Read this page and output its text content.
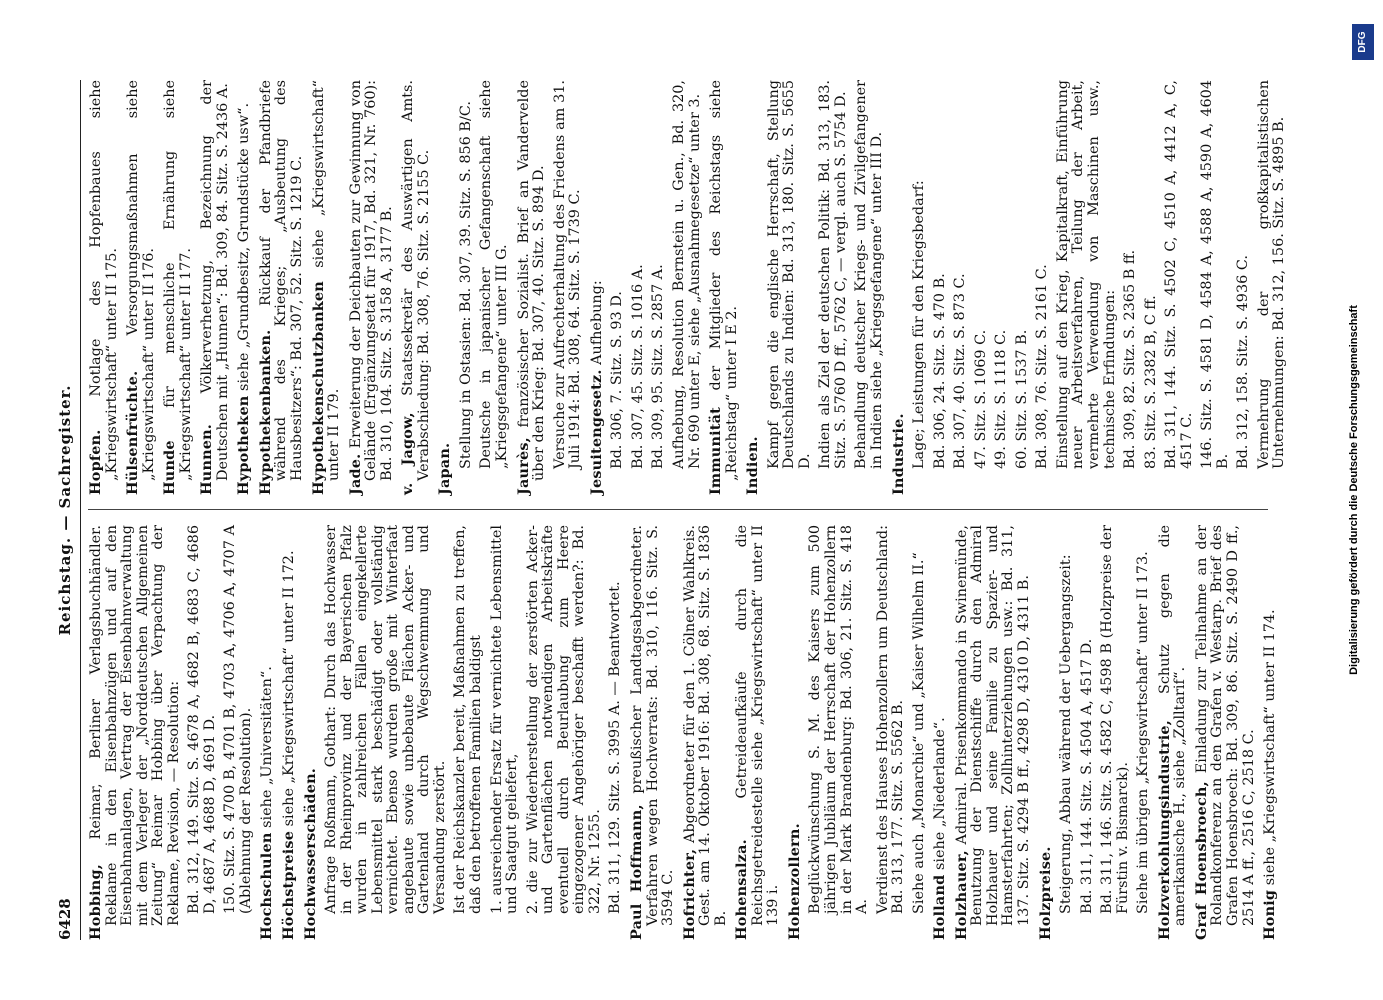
6428
Reichstag. — Sachregister.
Hobbing, Reimar, Berliner Verlagsbuchhändler. Reklame in den Eisenbahnzügen und auf den Eisenbahnanlagen, Vertrag der Eisenbahnverwaltung mit dem Verleger der „Norddeutschen Allgemeinen Zeitung“ Reimar Hobbing über Verpachtung der Reklame, Revision, — Resolution: Bd. 312, 149. Sitz. S. 4678 A, 4682 B, 4683 C, 4686 D, 4687 A, 4688 D, 4691 D. 150. Sitz. S. 4700 B, 4701 B, 4703 A, 4706 A, 4707 A (Ablehnung der Resolution). Hochschulen siehe „Universitäten“.
Höchstpreise siehe „Kriegswirtschaft“ unter II 172.
Hochwasserschäden. Anfrage Roßmann, Gothart: Durch das Hochwasser in der Rheinprovinz und der Bayerischen Pfalz wurden in zahlreichen Fällen eingekellerte Lebensmittel stark beschädigt oder vollständig vernichtet. Ebenso wurden große mit Winterfaat angebaute sowie unbebaute Flächen Acker- und Gartenland durch Wegschwemmung und Versandung zerstört. Ist der Reichskanzler bereit, Maßnahmen zu treffen, daß den betroffenen Familien baldigst 1. ausreichender Ersatz für vernichtete Lebensmittel und Saatgut geliefert, 2. die zur Wiederherstellung der zerstörten Acker- und Gartenflächen notwendigen Arbeitskräfte eventuell durch Beurlaubung zum Heere eingezogener Angehöriger beschafft werden?: Bd. 322, Nr. 1255. Bd. 311, 129. Sitz. S. 3995 A. — Beantwortet. Paul Hoffmann, preußischer Landtagsabgeordneter. Verfahren wegen Hochverrats: Bd. 310, 116. Sitz. S. 3594 C. Hofrichter, Abgeordneter für den 1. Cölner Wahlkreis. Gest. am 14. Oktober 1916: Bd. 308, 68. Sitz. S. 1836 B. Hohensalza. Getreideaufkäufe durch die Reichsgetreidestelle siehe „Kriegswirtschaft“ unter II 139 i. Hohenzollern. Beglückwünschung S. M. des Kaisers zum 500 jährigen Jubiläum der Herrschaft der Hohenzollern in der Mark Brandenburg: Bd. 306, 21. Sitz. S. 418 A. Verdienst des Hauses Hohenzollern um Deutschland: Bd. 313, 177. Sitz. S. 5562 B. Siehe auch „Monarchie“ und „Kaiser Wilhelm II.“ Holland siehe „Niederlande“.
Holzhauer, Admiral. Prisenkommando in Swinemünde, Benutzung der Dienstschiffe durch den Admiral Holzhauer und seine Familie zu Spazier- und Hamsterfahrten; Zollhinterziehungen usw.: Bd. 311, 137. Sitz. S. 4294 B ff., 4298 D, 4310 D, 4311 B. Holzpreise. Steigerung, Abbau während der Uebergangszeit: Bd. 311, 144. Sitz. S. 4504 A, 4517 D. Bd. 311, 146. Sitz. S. 4582 C, 4598 B (Holzpreise der Fürstin v. Bismarck). Siehe im übrigen „Kriegswirtschaft“ unter II 173. Holzverkohlungsindustrie, Schutz gegen die amerikanische H., siehe „Zolltarif“. Graf Hoensbroech, Einladung zur Teilnahme an der Rolandkonferenz an den Grafen v. Westarp. Brief des Grafen Hoensbroech: Bd. 309, 86. Sitz. S. 2490 D ff., 2514 A ff., 2516 C, 2518 C. Honig siehe „Kriegswirtschaft“ unter II 174.
Hopfen. Notlage des Hopfenbaues siehe „Kriegswirtschaft“ unter II 175. Hülsenfrüchte. Versorgungsmaßnahmen siehe „Kriegswirtschaft“ unter II 176. Hunde für menschliche Ernährung siehe „Kriegswirtschaft“ unter II 177. Hunnen. Völkerverhetzung, Bezeichnung der Deutschen mit „Hunnen“: Bd. 309, 84. Sitz. S. 2436 A. Hypotheken siehe „Grundbesitz, Grundstücke usw“.
Hypothekenbanken. Rückkauf der Pfandbriefe während des Krieges; „Ausbeutung des Hausbesitzers“: Bd. 307, 52. Sitz. S. 1219 C. Hypothekenschutzbanken siehe „Kriegswirtschaft“ unter II 179. Jade. Erweiterung der Deichbauten zur Gewinnung von Gelände (Ergänzungsetat für 1917, Bd. 321, Nr. 760): Bd. 310, 104. Sitz. S. 3158 A, 3177 B. v. Jagow, Staatssekretär des Auswärtigen Amts. Verabschiedung: Bd. 308, 76. Sitz. S. 2155 C. Japan. Stellung in Ostasien: Bd. 307, 39. Sitz. S. 856 B/C. Deutsche in japanischer Gefangenschaft siehe „Kriegsgefangene“ unter III G. Jaurès, französischer Sozialist. Brief an Vandervelde über den Krieg: Bd. 307, 40. Sitz. S. 894 D. Versuche zur Aufrechterhaltung des Friedens am 31. Juli 1914: Bd. 308, 64. Sitz. S. 1739 C. Jesuitengesetz. Aufhebung: Bd. 306, 7. Sitz. S. 93 D. Bd. 307, 45. Sitz. S. 1016 A. Bd. 309, 95. Sitz. S. 2857 A. Aufhebung, Resolution Bernstein u. Gen., Bd. 320, Nr. 690 unter E, siehe „Ausnahmegesetze“ unter 3. Immunität der Mitglieder des Reichstags siehe „Reichstag“ unter I E 2. Indien. Kampf gegen die englische Herrschaft, Stellung Deutschlands zu Indien: Bd. 313, 180. Sitz. S. 5655 D. Indien als Ziel der deutschen Politik: Bd. 313, 183. Sitz. S. 5760 D ff., 5762 C, — vergl. auch S. 5754 D. Behandlung deutscher Kriegs- und Zivilgefangener in Indien siehe „Kriegsgefangene“ unter III D. Industrie. Lage; Leistungen für den Kriegsbedarf: Bd. 306, 24. Sitz. S. 470 B. Bd. 307, 40. Sitz. S. 873 C. 47. Sitz. S. 1069 C. 49. Sitz. S. 1118 C. 60. Sitz. S. 1537 B. Bd. 308, 76. Sitz. S. 2161 C. Einstellung auf den Krieg, Kapitalkraft, Einführung neuer Arbeitsverfahren, Teilung der Arbeit, vermehrte Verwendung von Maschinen usw., technische Erfindungen: Bd. 309, 82. Sitz. S. 2365 B ff. 83. Sitz. S. 2382 B, C ff. Bd. 311, 144. Sitz. S. 4502 C, 4510 A, 4412 A, C, 4517 C. 146. Sitz. S. 4581 D, 4584 A, 4588 A, 4590 A, 4604 B. Bd. 312, 158. Sitz. S. 4936 C. Vermehrung der großkapitalistischen Unternehmungen: Bd. 312, 156. Sitz. S. 4895 B.
Digitalisierung gefördert durch die Deutsche Forschungsgemeinschaft
DFG
